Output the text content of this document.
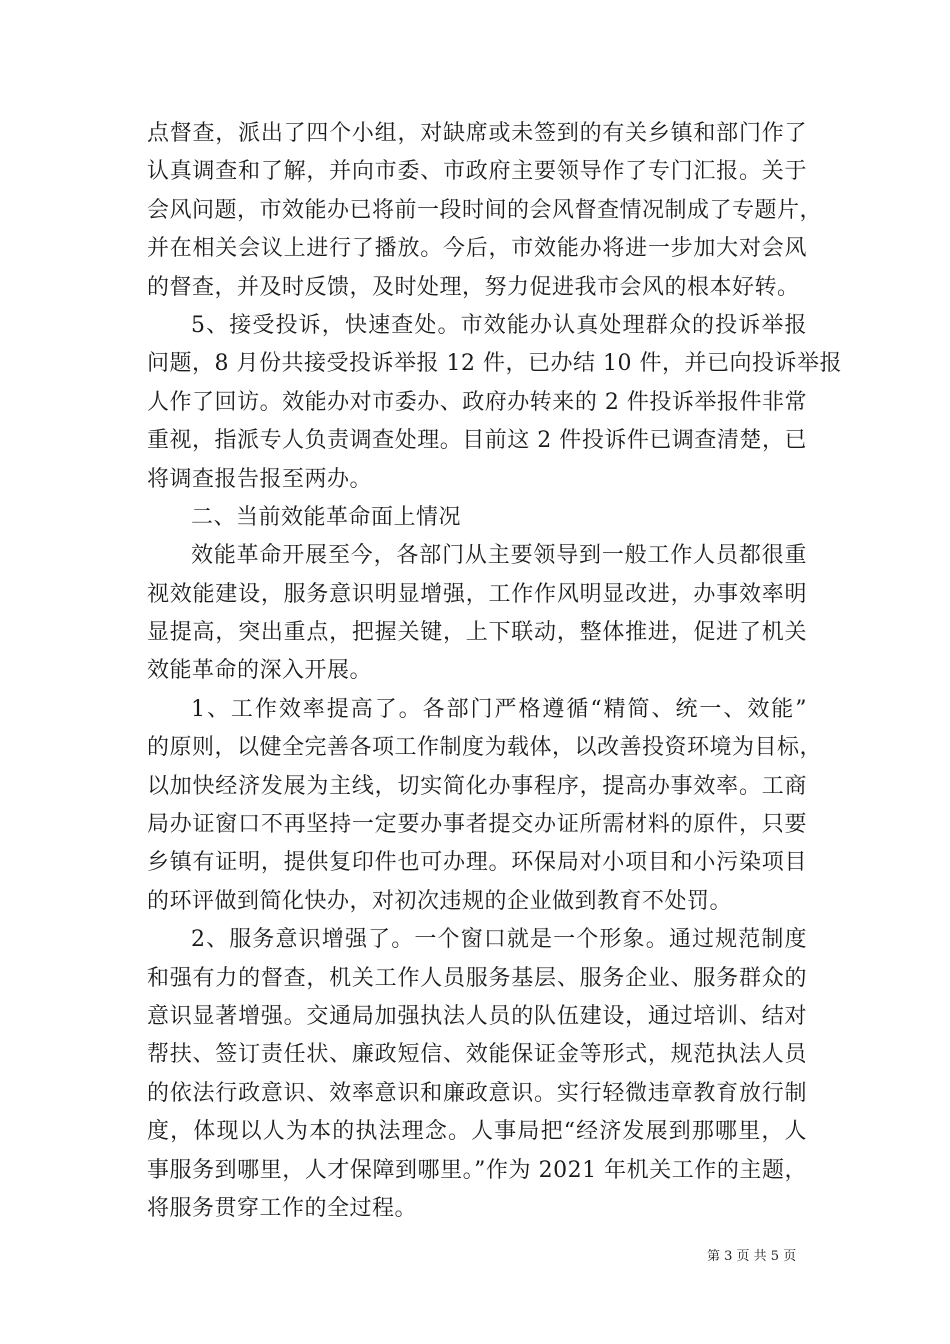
点督查，派出了四个小组，对缺席或未签到的有关乡镇和部门作了
认真调查和了解，并向市委、市政府主要领导作了专门汇报。关于
会风问题，市效能办已将前一段时间的会风督查情况制成了专题片，
并在相关会议上进行了播放。今后，市效能办将进一步加大对会风
的督查，并及时反馈，及时处理，努力促进我市会风的根本好转。
5、接受投诉，快速查处。市效能办认真处理群众的投诉举报
问题，8 月份共接受投诉举报 12 件，已办结 10 件，并已向投诉举报
人作了回访。效能办对市委办、政府办转来的 2 件投诉举报件非常
重视，指派专人负责调查处理。目前这 2 件投诉件已调查清楚，已
将调查报告报至两办。
二、当前效能革命面上情况
效能革命开展至今，各部门从主要领导到一般工作人员都很重
视效能建设，服务意识明显增强，工作作风明显改进，办事效率明
显提高，突出重点，把握关键，上下联动，整体推进，促进了机关
效能革命的深入开展。
1、工作效率提高了。各部门严格遵循“精简、统一、效能”
的原则，以健全完善各项工作制度为载体，以改善投资环境为目标，
以加快经济发展为主线，切实简化办事程序，提高办事效率。工商
局办证窗口不再坚持一定要办事者提交办证所需材料的原件，只要
乡镇有证明，提供复印件也可办理。环保局对小项目和小污染项目
的环评做到简化快办，对初次违规的企业做到教育不处罚。
2、服务意识增强了。一个窗口就是一个形象。通过规范制度
和强有力的督查，机关工作人员服务基层、服务企业、服务群众的
意识显著增强。交通局加强执法人员的队伍建设，通过培训、结对
帮扶、签订责任状、廉政短信、效能保证金等形式，规范执法人员
的依法行政意识、效率意识和廉政意识。实行轻微违章教育放行制
度，体现以人为本的执法理念。人事局把“经济发展到那哪里，人
事服务到哪里，人才保障到哪里。”作为 2021 年机关工作的主题，
将服务贯穿工作的全过程。
第 3 页 共 5 页
